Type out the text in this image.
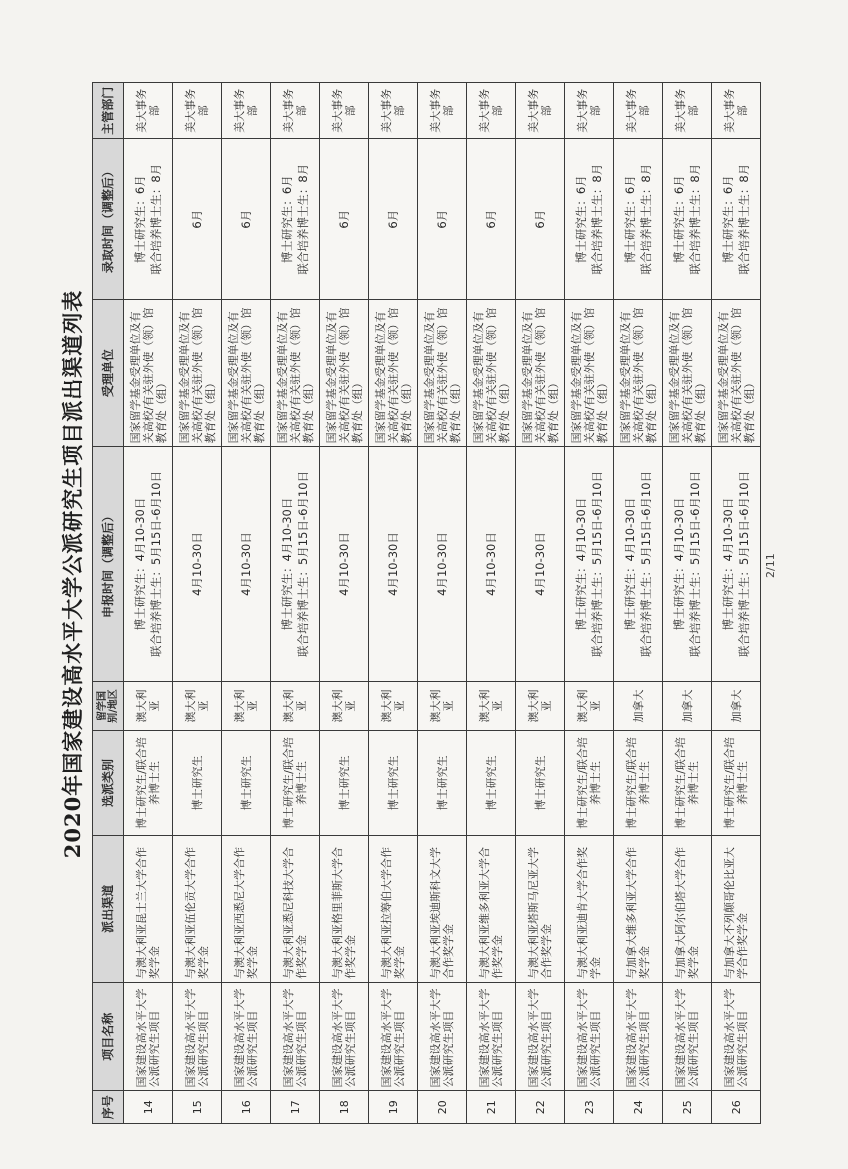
2020年国家建设高水平大学公派研究生项目派出渠道列表
序号	项目名称	派出渠道	选派类别	留学国别/地区	申报时间（调整后）	受理单位	录取时间（调整后）	主管部门
14	国家建设高水平大学公派研究生项目	与澳大利亚昆士兰大学合作奖学金	博士研究生/联合培养博士生	澳大利亚	博士研究生：4月10-30日 联合培养博士生：5月15日-6月10日	国家留学基金受理单位及有关高校/有关驻外使（领）馆教育处（组）	博士研究生：6月 联合培养博士生：8月	美大事务部
15	国家建设高水平大学公派研究生项目	与澳大利亚伍伦贡大学合作奖学金	博士研究生	澳大利亚	4月10-30日	国家留学基金受理单位及有关高校/有关驻外使（领）馆教育处（组）	6月	美大事务部
16	国家建设高水平大学公派研究生项目	与澳大利亚西悉尼大学合作奖学金	博士研究生	澳大利亚	4月10-30日	国家留学基金受理单位及有关高校/有关驻外使（领）馆教育处（组）	6月	美大事务部
17	国家建设高水平大学公派研究生项目	与澳大利亚悉尼科技大学合作奖学金	博士研究生/联合培养博士生	澳大利亚	博士研究生：4月10-30日 联合培养博士生：5月15日-6月10日	国家留学基金受理单位及有关高校/有关驻外使（领）馆教育处（组）	博士研究生：6月 联合培养博士生：8月	美大事务部
18	国家建设高水平大学公派研究生项目	与澳大利亚格里菲斯大学合作奖学金	博士研究生	澳大利亚	4月10-30日	国家留学基金受理单位及有关高校/有关驻外使（领）馆教育处（组）	6月	美大事务部
19	国家建设高水平大学公派研究生项目	与澳大利亚拉筹伯大学合作奖学金	博士研究生	澳大利亚	4月10-30日	国家留学基金受理单位及有关高校/有关驻外使（领）馆教育处（组）	6月	美大事务部
20	国家建设高水平大学公派研究生项目	与澳大利亚埃迪斯科文大学合作奖学金	博士研究生	澳大利亚	4月10-30日	国家留学基金受理单位及有关高校/有关驻外使（领）馆教育处（组）	6月	美大事务部
21	国家建设高水平大学公派研究生项目	与澳大利亚维多利亚大学合作奖学金	博士研究生	澳大利亚	4月10-30日	国家留学基金受理单位及有关高校/有关驻外使（领）馆教育处（组）	6月	美大事务部
22	国家建设高水平大学公派研究生项目	与澳大利亚塔斯马尼亚大学合作奖学金	博士研究生	澳大利亚	4月10-30日	国家留学基金受理单位及有关高校/有关驻外使（领）馆教育处（组）	6月	美大事务部
23	国家建设高水平大学公派研究生项目	与澳大利亚迪肯大学合作奖学金	博士研究生/联合培养博士生	澳大利亚	博士研究生：4月10-30日 联合培养博士生：5月15日-6月10日	国家留学基金受理单位及有关高校/有关驻外使（领）馆教育处（组）	博士研究生：6月 联合培养博士生：8月	美大事务部
24	国家建设高水平大学公派研究生项目	与加拿大维多利亚大学合作奖学金	博士研究生/联合培养博士生	加拿大	博士研究生：4月10-30日 联合培养博士生：5月15日-6月10日	国家留学基金受理单位及有关高校/有关驻外使（领）馆教育处（组）	博士研究生：6月 联合培养博士生：8月	美大事务部
25	国家建设高水平大学公派研究生项目	与加拿大阿尔伯塔大学合作奖学金	博士研究生/联合培养博士生	加拿大	博士研究生：4月10-30日 联合培养博士生：5月15日-6月10日	国家留学基金受理单位及有关高校/有关驻外使（领）馆教育处（组）	博士研究生：6月 联合培养博士生：8月	美大事务部
26	国家建设高水平大学公派研究生项目	与加拿大不列颠哥伦比亚大学合作奖学金	博士研究生/联合培养博士生	加拿大	博士研究生：4月10-30日 联合培养博士生：5月15日-6月10日	国家留学基金受理单位及有关高校/有关驻外使（领）馆教育处（组）	博士研究生：6月 联合培养博士生：8月	美大事务部
2/11
